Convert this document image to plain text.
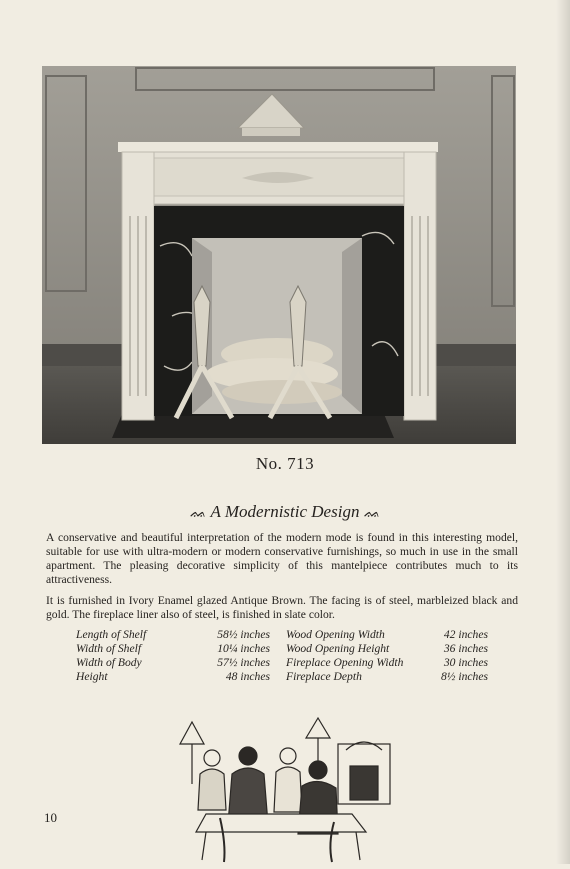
No. 713
ᨐ A Modernistic Design ᨐ

A conservative and beautiful interpretation of the modern mode is found in this interesting model, suitable for use with ultra-modern or modern conservative furnishings, so much in use in the small apartment. The pleasing decorative simplicity of this mantelpiece contributes much to its attractiveness.

It is furnished in Ivory Enamel glazed Antique Brown. The facing is of steel, marbleized black and gold. The fireplace liner also of steel, is finished in slate color.

Length of Shelf	58½ inches Wood Opening Width	42 inches
Width of Shelf	10¼ inches Wood Opening Height	36 inches
Width of Body	57½ inches Fireplace Opening Width	30 inches
Height	48 inches Fireplace Depth	8½ inches
10
